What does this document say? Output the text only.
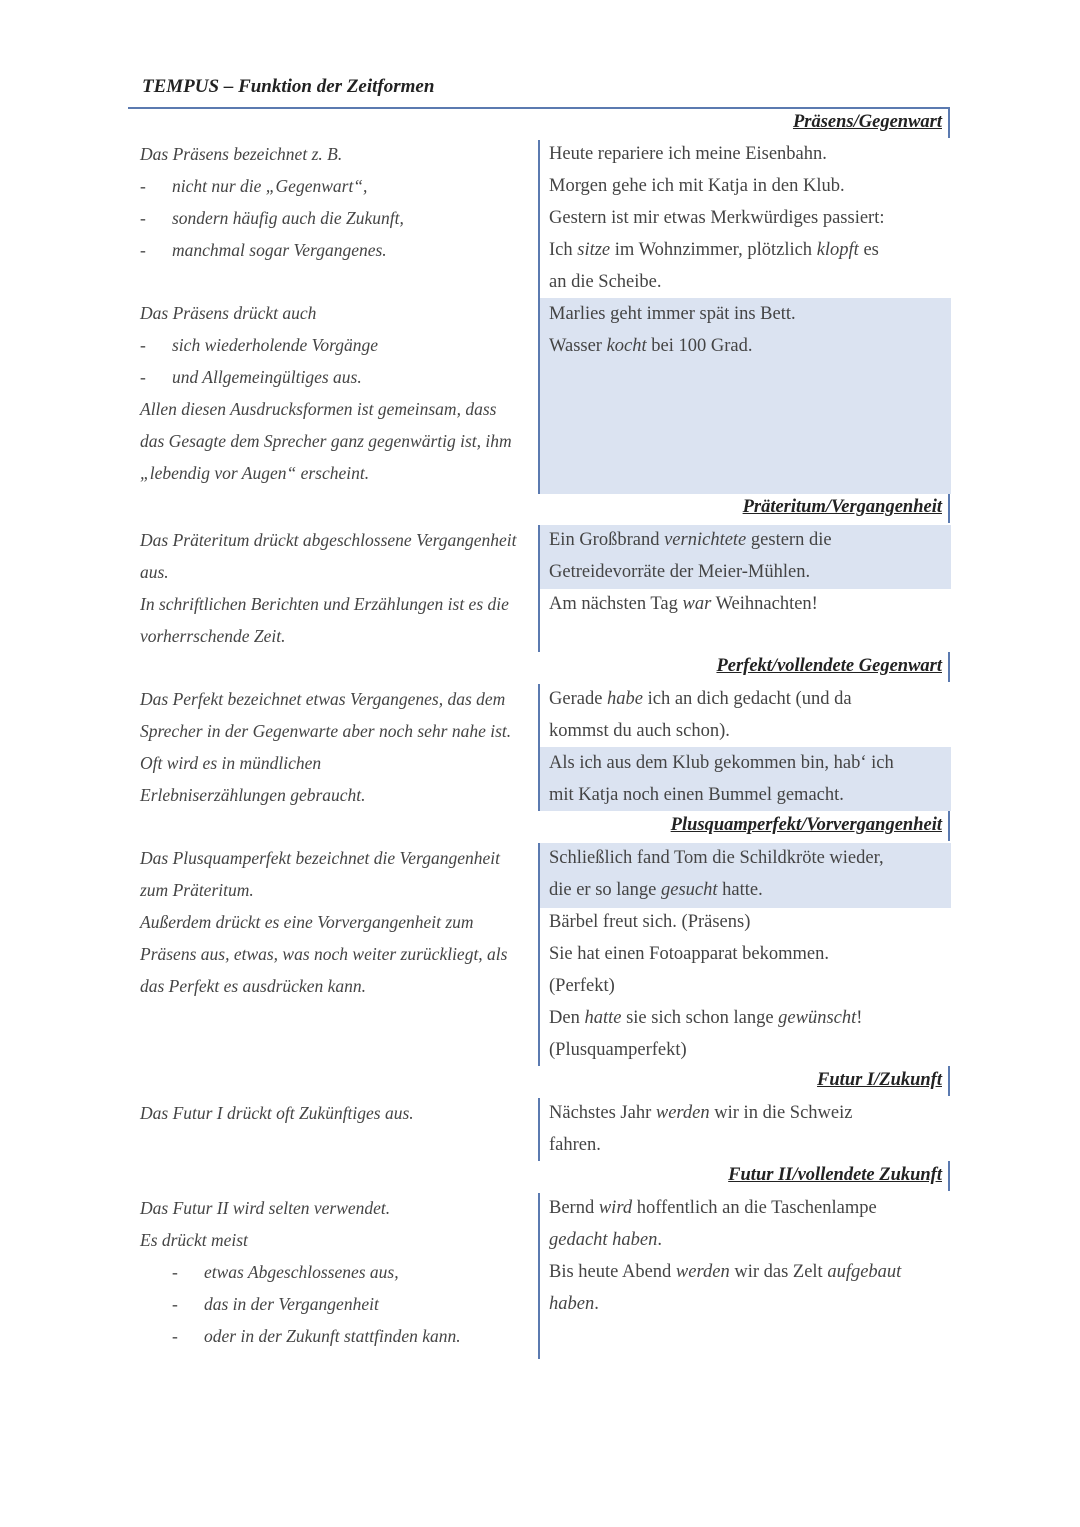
TEMPUS – Funktion der Zeitformen
Präsens/Gegenwart
Präteritum/Vergangenheit
Perfekt/vollendete Gegenwart
Plusquamperfekt/Vorvergangenheit
Futur I/Zukunft
Futur II/vollendete Zukunft
Das Präsens bezeichnet z. B.
- nicht nur die „Gegenwart“,
- sondern häufig auch die Zukunft,
- manchmal sogar Vergangenes.
Das Präsens drückt auch
- sich wiederholende Vorgänge
- und Allgemeingültiges aus.
Allen diesen Ausdrucksformen ist gemeinsam, dass
das Gesagte dem Sprecher ganz gegenwärtig ist, ihm
„lebendig vor Augen“ erscheint.
Heute repariere ich meine Eisenbahn.
Morgen gehe ich mit Katja in den Klub.
Gestern ist mir etwas Merkwürdiges passiert:
Ich sitze im Wohnzimmer, plötzlich klopft es
an die Scheibe.
Marlies geht immer spät ins Bett.
Wasser kocht bei 100 Grad.
Das Präteritum drückt abgeschlossene Vergangenheit
aus.
In schriftlichen Berichten und Erzählungen ist es die
vorherrschende Zeit.
Ein Großbrand vernichtete gestern die
Getreidevorräte der Meier-Mühlen.
Am nächsten Tag war Weihnachten!
Das Perfekt bezeichnet etwas Vergangenes, das dem
Sprecher in der Gegenwarte aber noch sehr nahe ist.
Oft wird es in mündlichen
Erlebniserzählungen gebraucht.
Gerade habe ich an dich gedacht (und da
kommst du auch schon).
Als ich aus dem Klub gekommen bin, hab‘ ich
mit Katja noch einen Bummel gemacht.
Das Plusquamperfekt bezeichnet die Vergangenheit
zum Präteritum.
Außerdem drückt es eine Vorvergangenheit zum
Präsens aus, etwas, was noch weiter zurückliegt, als
das Perfekt es ausdrücken kann.
Schließlich fand Tom die Schildkröte wieder,
die er so lange gesucht hatte.
Bärbel freut sich. (Präsens)
Sie hat einen Fotoapparat bekommen.
(Perfekt)
Den hatte sie sich schon lange gewünscht!
(Plusquamperfekt)
Das Futur I drückt oft Zukünftiges aus.	Nächstes Jahr werden wir in die Schweiz
fahren.
Das Futur II wird selten verwendet.
Es drückt meist
- etwas Abgeschlossenes aus,
- das in der Vergangenheit
- oder in der Zukunft stattfinden kann.
Bernd wird hoffentlich an die Taschenlampe
gedacht haben.
Bis heute Abend werden wir das Zelt aufgebaut
haben.
